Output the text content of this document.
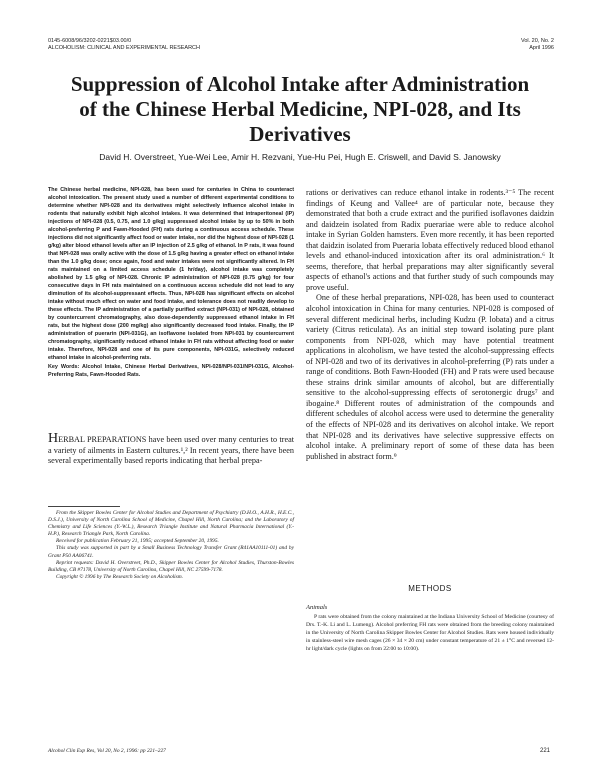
0145-6008/96/3202-0221$03.00/0
ALCOHOLISM: CLINICAL AND EXPERIMENTAL RESEARCH
Vol. 20, No. 2
April 1996
Suppression of Alcohol Intake after Administration of the Chinese Herbal Medicine, NPI-028, and Its Derivatives
David H. Overstreet, Yue-Wei Lee, Amir H. Rezvani, Yue-Hu Pei, Hugh E. Criswell, and David S. Janowsky

The Chinese herbal medicine, NPI-028, has been used for centuries in China to counteract alcohol intoxication. The present study used a number of different experimental conditions to determine whether NPI-028 and its derivatives might selectively influence alcohol intake in rodents that naturally exhibit high alcohol intakes. It was determined that intraperitoneal (IP) injections of NPI-028 (0.5, 0.75, and 1.0 g/kg) suppressed alcohol intake by up to 50% in both alcohol-preferring P and Fawn-Hooded (FH) rats during a continuous access schedule. These injections did not significantly affect food or water intake, nor did the highest dose of NPI-028 (1 g/kg) alter blood ethanol levels after an IP injection of 2.5 g/kg of ethanol. In P rats, it was found that NPI-028 was orally active with the dose of 1.5 g/kg having a greater effect on ethanol intake than the 1.0 g/kg dose; once again, food and water intakes were not significantly altered. In FH rats maintained on a limited access schedule (1 hr/day), alcohol intake was completely abolished by 1.5 g/kg of NPI-028. Chronic IP administration of NPI-028 (0.75 g/kg) for four consecutive days in FH rats maintained on a continuous access schedule did not lead to any diminution of its alcohol-suppressant effects. Thus, NPI-028 has significant effects on alcohol intake without much effect on water and food intake, and tolerance does not readily develop to these effects. The IP administration of a partially purified extract (NPI-031) of NPI-028, obtained by countercurrent chromatography, also dose-dependently suppressed ethanol intake in FH rats, but the highest dose (200 mg/kg) also significantly decreased food intake. Finally, the IP administration of puerarin (NPI-031G), an isoflavone isolated from NPI-031 by countercurrent chromatography, significantly reduced ethanol intake in FH rats without affecting food or water intake. Therefore, NPI-028 and one of its pure components, NPI-031G, selectively reduced ethanol intake in alcohol-preferring rats.

Key Words: Alcohol Intake, Chinese Herbal Derivatives, NPI-028/NPI-031/NPI-031G, Alcohol-Preferring Rats, Fawn-Hooded Rats.

HERBAL PREPARATIONS have been used over many centuries to treat a variety of ailments in Eastern cultures.¹,² In recent years, there have been several experimentally based reports indicating that herbal prepa-

From the Skipper Bowles Center for Alcohol Studies and Department of Psychiatry (D.H.O., A.H.R., H.E.C., D.S.J.), University of North Carolina School of Medicine, Chapel Hill, North Carolina; and the Laboratory of Chemistry and Life Sciences (Y.-W.L.), Research Triangle Institute and Natural Pharmacia International (Y.-H.P.), Research Triangle Park, North Carolina.

Received for publication February 21, 1995; accepted September 20, 1995.

This study was supported in part by a Small Business Technology Transfer Grant (R41AA10111-01) and by Grant P50 AA06741.

Reprint requests: David H. Overstreet, Ph.D., Skipper Bowles Center for Alcohol Studies, Thurston-Bowles Building, CB #7178, University of North Carolina, Chapel Hill, NC 27599-7178.

Copyright © 1996 by The Research Society on Alcoholism.

Alcohol Clin Exp Res, Vol 20, No 2, 1996: pp 221–227	221

rations or derivatives can reduce ethanol intake in rodents.³⁻⁵ The recent findings of Keung and Vallee⁴ are of particular note, because they demonstrated that both a crude extract and the purified isoflavones daidzin and daidzein isolated from Radix puerariae were able to reduce alcohol intake in Syrian Golden hamsters. Even more recently, it has been reported that daidzin isolated from Pueraria lobata effectively reduced blood ethanol levels and ethanol-induced intoxication after its oral administration.⁶ It seems, therefore, that herbal preparations may alter significantly several aspects of ethanol's actions and that further study of such compounds may prove useful.

One of these herbal preparations, NPI-028, has been used to counteract alcohol intoxication in China for many centuries. NPI-028 is composed of several different medicinal herbs, including Kudzu (P. lobata) and a citrus variety (Citrus reticulata). As an initial step toward isolating pure plant components from NPI-028, which may have potential treatment applications in alcoholism, we have tested the alcohol-suppressing effects of NPI-028 and two of its derivatives in alcohol-preferring (P) rats under a range of conditions. Both Fawn-Hooded (FH) and P rats were used because these strains drink similar amounts of alcohol, but are differentially sensitive to the alcohol-suppressing effects of serotonergic drugs⁷ and ibogaine.⁸ Different routes of administration of the compounds and different schedules of alcohol access were used to determine the generality of the effects of NPI-028 and its derivatives on alcohol intake. We report that NPI-028 and its derivatives have selective suppressive effects on alcohol intake. A preliminary report of some of these data has been published in abstract form.⁹

METHODS
Animals

P rats were obtained from the colony maintained at the Indiana University School of Medicine (courtesy of Drs. T.-K. Li and L. Lumeng). Alcohol preferring FH rats were obtained from the breeding colony maintained in the University of North Carolina Skipper Bowles Center for Alcohol Studies. Rats were housed individually in stainless-steel wire mesh cages (26 × 34 × 20 cm) under constant temperature of 21 ± 1°C and reversed 12-hr light/dark cycle (lights on from 22:00 to 10:00).
